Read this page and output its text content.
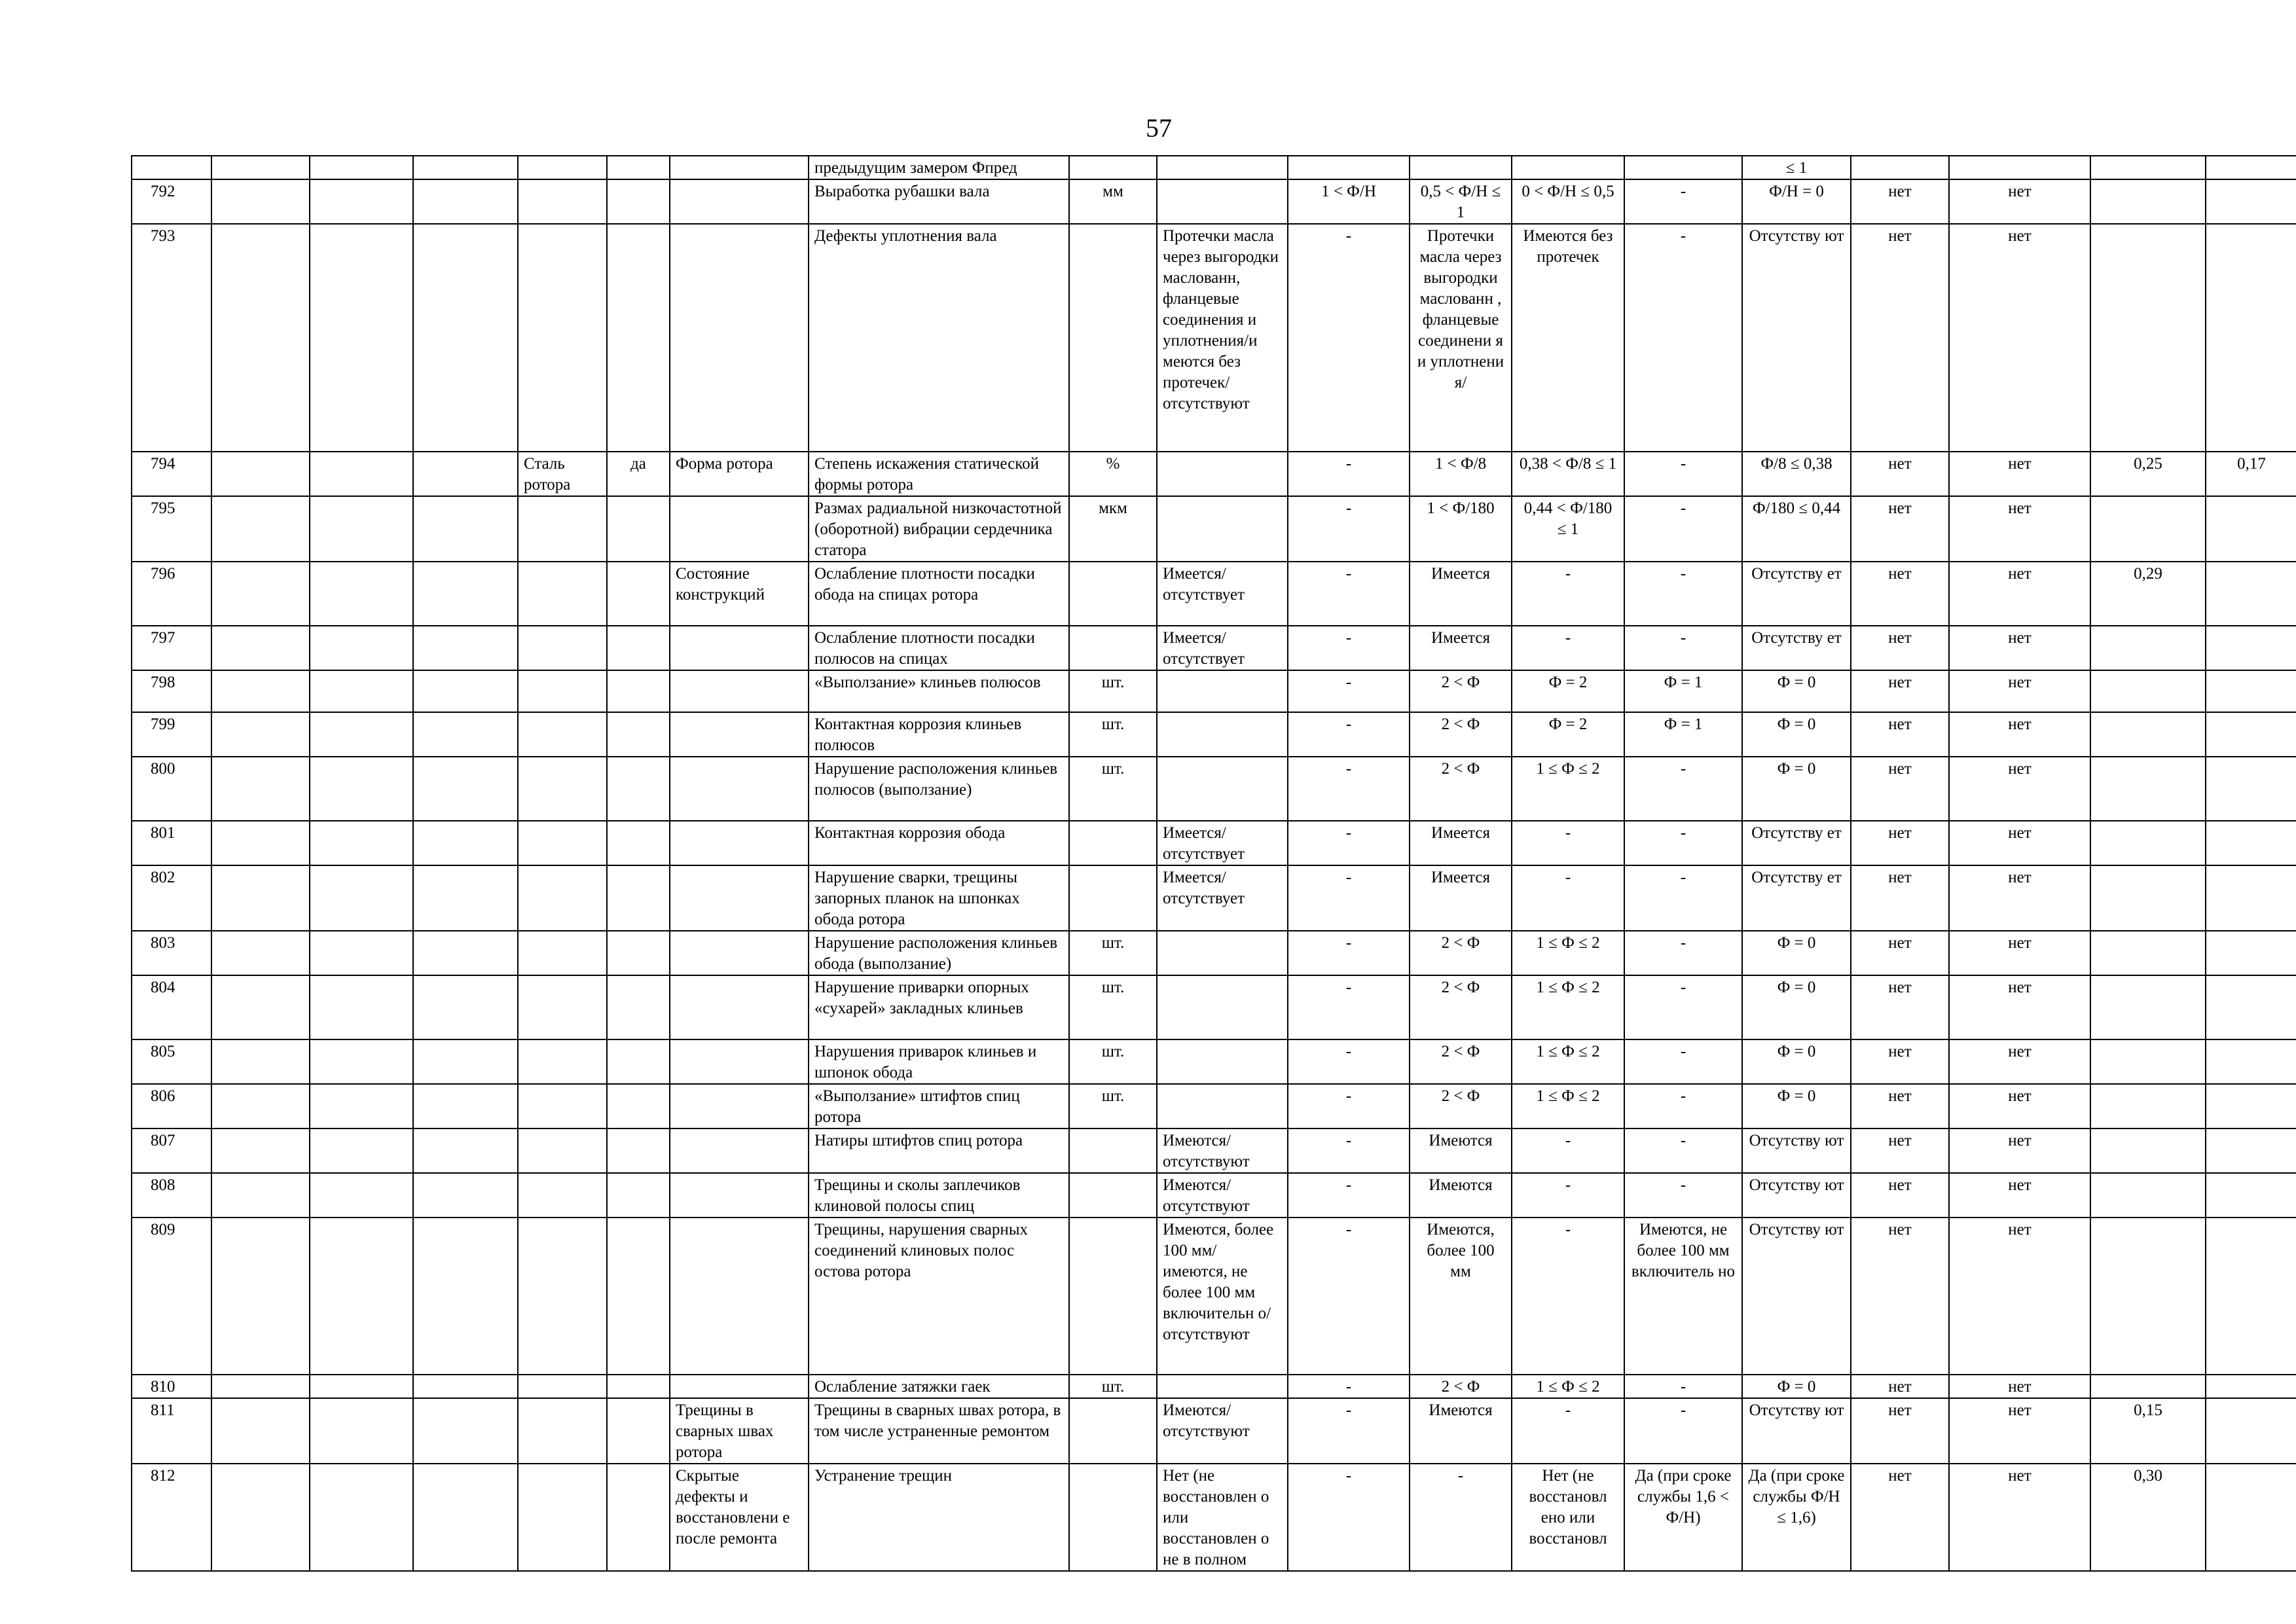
57
							предыдущим замером Фпред							≤ 1				
792							Выработка рубашки вала	мм		1 < Ф/Н	0,5 < Ф/Н ≤ 1	0 < Ф/Н ≤ 0,5	-	Ф/Н = 0	нет	нет		
793							Дефекты уплотнения вала		Протечки масла через выгородки маслованн, фланцевые соединения и уплотнения/и меются без протечек/ отсутствуют	-	Протечки масла через выгородки маслованн , фланцевые соединени я и уплотнени я/	Имеются без протечек	-	Отсутству ют	нет	нет		
794				Сталь ротора	да	Форма ротора	Степень искажения статической формы ротора	%		-	1 < Ф/8	0,38 < Ф/8 ≤ 1	-	Ф/8 ≤ 0,38	нет	нет	0,25	0,17
795							Размах радиальной низкочастотной (оборотной) вибрации сердечника статора	мкм		-	1 < Ф/180	0,44 < Ф/180 ≤ 1	-	Ф/180 ≤ 0,44	нет	нет		
796						Состояние конструкций	Ослабление плотности посадки обода на спицах ротора		Имеется/ отсутствует	-	Имеется	-	-	Отсутству ет	нет	нет	0,29	
797							Ослабление плотности посадки полюсов на спицах		Имеется/ отсутствует	-	Имеется	-	-	Отсутству ет	нет	нет		
798							«Выползание» клиньев полюсов	шт.		-	2 < Ф	Ф = 2	Ф = 1	Ф = 0	нет	нет		
799							Контактная коррозия клиньев полюсов	шт.		-	2 < Ф	Ф = 2	Ф = 1	Ф = 0	нет	нет		
800							Нарушение расположения клиньев полюсов (выползание)	шт.		-	2 < Ф	1 ≤ Ф ≤ 2	-	Ф = 0	нет	нет		
801							Контактная коррозия обода		Имеется/ отсутствует	-	Имеется	-	-	Отсутству ет	нет	нет		
802							Нарушение сварки, трещины запорных планок на шпонках обода ротора		Имеется/ отсутствует	-	Имеется	-	-	Отсутству ет	нет	нет		
803							Нарушение расположения клиньев обода (выползание)	шт.		-	2 < Ф	1 ≤ Ф ≤ 2	-	Ф = 0	нет	нет		
804							Нарушение приварки опорных «сухарей» закладных клиньев	шт.		-	2 < Ф	1 ≤ Ф ≤ 2	-	Ф = 0	нет	нет		
805							Нарушения приварок клиньев и шпонок обода	шт.		-	2 < Ф	1 ≤ Ф ≤ 2	-	Ф = 0	нет	нет		
806							«Выползание» штифтов спиц ротора	шт.		-	2 < Ф	1 ≤ Ф ≤ 2	-	Ф = 0	нет	нет		
807							Натиры штифтов спиц ротора		Имеются/ отсутствуют	-	Имеются	-	-	Отсутству ют	нет	нет		
808							Трещины и сколы заплечиков клиновой полосы спиц		Имеются/ отсутствуют	-	Имеются	-	-	Отсутству ют	нет	нет		
809							Трещины, нарушения сварных соединений клиновых полос остова ротора		Имеются, более 100 мм/ имеются, не более 100 мм включительн о/ отсутствуют	-	Имеются, более 100 мм	-	Имеются, не более 100 мм включитель но	Отсутству ют	нет	нет		
810							Ослабление затяжки гаек	шт.		-	2 < Ф	1 ≤ Ф ≤ 2	-	Ф = 0	нет	нет		
811						Трещины в сварных швах ротора	Трещины в сварных швах ротора, в том числе устраненные ремонтом		Имеются/ отсутствуют	-	Имеются	-	-	Отсутству ют	нет	нет	0,15	
812						Скрытые дефекты и восстановлени е после ремонта	Устранение трещин		Нет (не восстановлен о или восстановлен о не в полном	-	-	Нет (не восстановл ено или восстановл	Да (при сроке службы 1,6 < Ф/Н)	Да (при сроке службы Ф/Н ≤ 1,6)	нет	нет	0,30	
